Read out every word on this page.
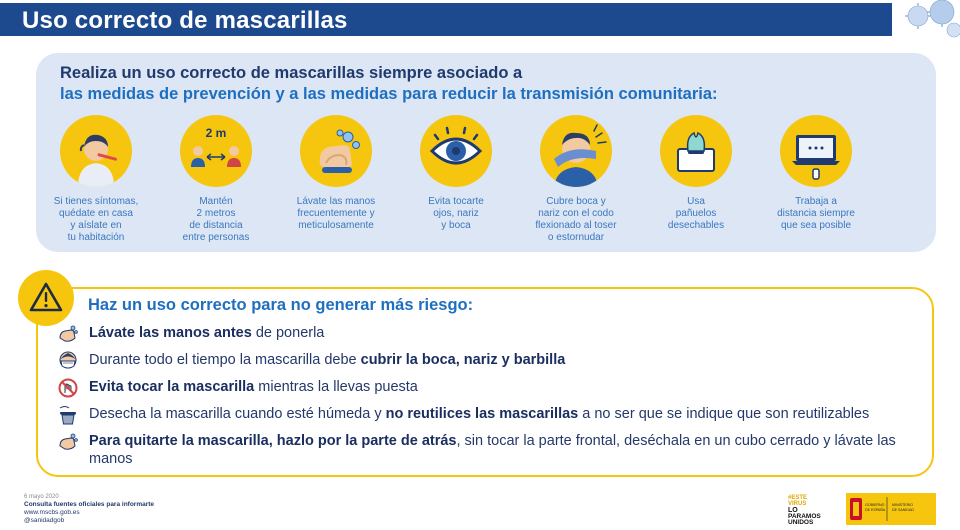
Uso correcto de mascarillas
Realiza un uso correcto de mascarillas siempre asociado a
las medidas de prevención y a las medidas para reducir la transmisión comunitaria:
Si tienes síntomas,
quédate en casa
y aíslate en
tu habitación
2 m
Mantén
2 metros
de distancia
entre personas
Lávate las manos
frecuentemente y
meticulosamente
Evita tocarte
ojos, nariz
y boca
Cubre boca y
nariz con el codo
flexionado al toser
o estornudar
Usa
pañuelos
desechables
Trabaja a
distancia siempre
que sea posible
Haz un uso correcto para no generar más riesgo:
Lávate las manos antes de ponerla
Durante todo el tiempo la mascarilla debe cubrir la boca, nariz y barbilla
Evita tocar la mascarilla mientras la llevas puesta
Desecha la mascarilla cuando esté húmeda y no reutilices las mascarillas a no ser que se indique que son reutilizables
Para quitarte la mascarilla, hazlo por la parte de atrás, sin tocar la parte frontal, deséchala en un cubo cerrado y lávate las manos
6 mayo 2020
Consulta fuentes oficiales para informarte
www.mscbs.gob.es
@sanidadgob
#ESTE
VIRUS
LO
PARAMOS
UNIDOS
GOBIERNO
DE ESPAÑA
MINISTERIO
DE SANIDAD
